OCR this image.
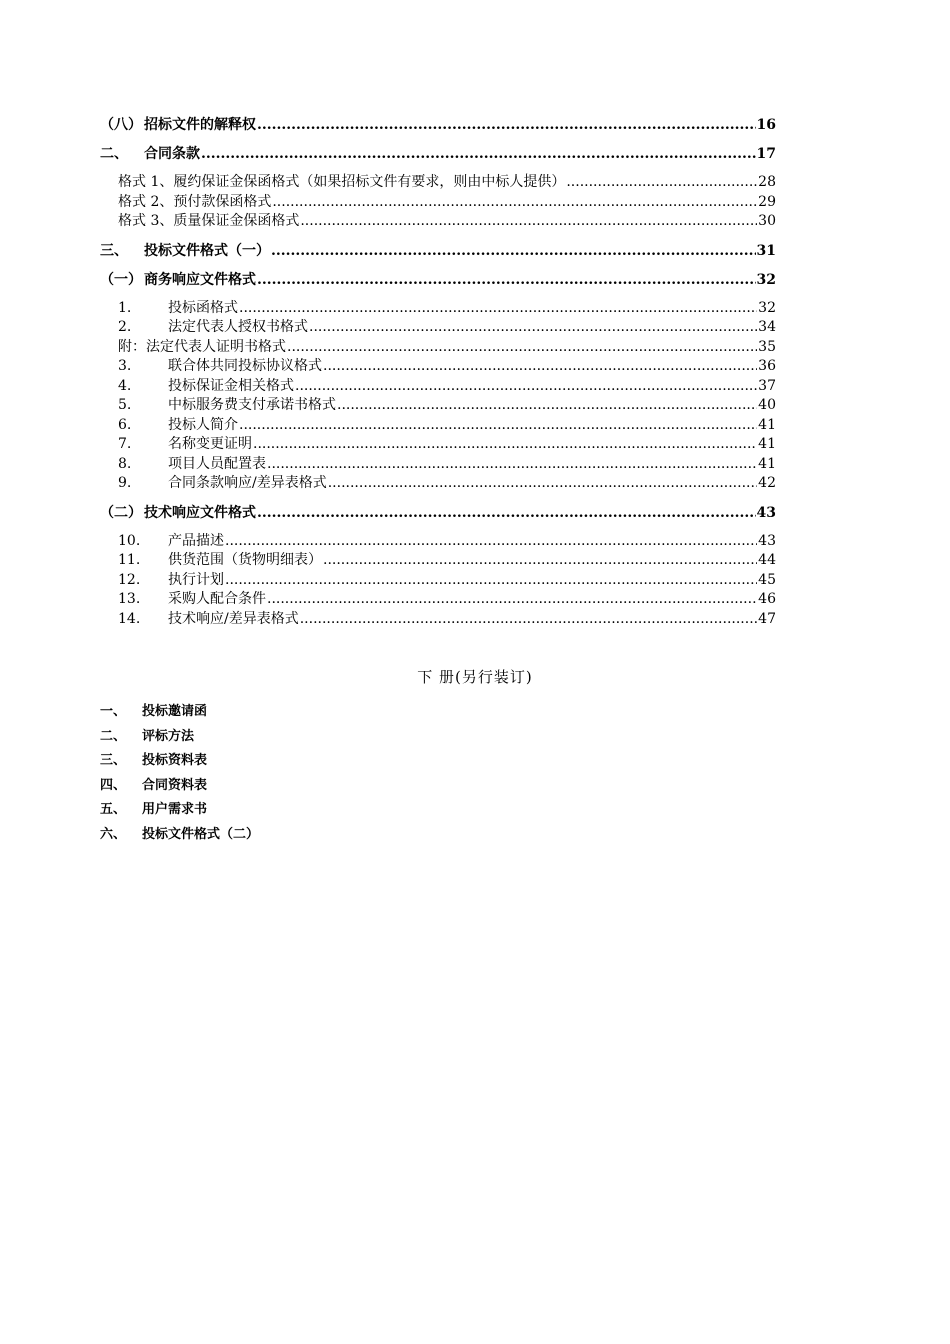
（八） 招标文件的解释权 .....	16
二、	合同条款 .....	17
格式 1、履约保证金保函格式（如果招标文件有要求，则由中标人提供） .....	28
格式 2、预付款保函格式 .....	29
格式 3、质量保证金保函格式 .....	30
三、	投标文件格式（一） .....	31
（一） 商务响应文件格式 .....	32
1.	投标函格式 .....	32
2.	法定代表人授权书格式 .....	34
附：法定代表人证明书格式 .....	35
3.	联合体共同投标协议格式 .....	36
4.	投标保证金相关格式 .....	37
5.	中标服务费支付承诺书格式 .....	40
6.	投标人简介 .....	41
7.	名称变更证明 .....	41
8.	项目人员配置表 .....	41
9.	合同条款响应/差异表格式 .....	42
（二） 技术响应文件格式 .....	43
10.	产品描述 .....	43
11.	供货范围（货物明细表） .....	44
12.	执行计划 .....	45
13.	采购人配合条件 .....	46
14.	技术响应/差异表格式 .....	47
下 册(另行装订)
一、 投标邀请函
二、 评标方法
三、 投标资料表
四、 合同资料表
五、 用户需求书
六、 投标文件格式（二）
